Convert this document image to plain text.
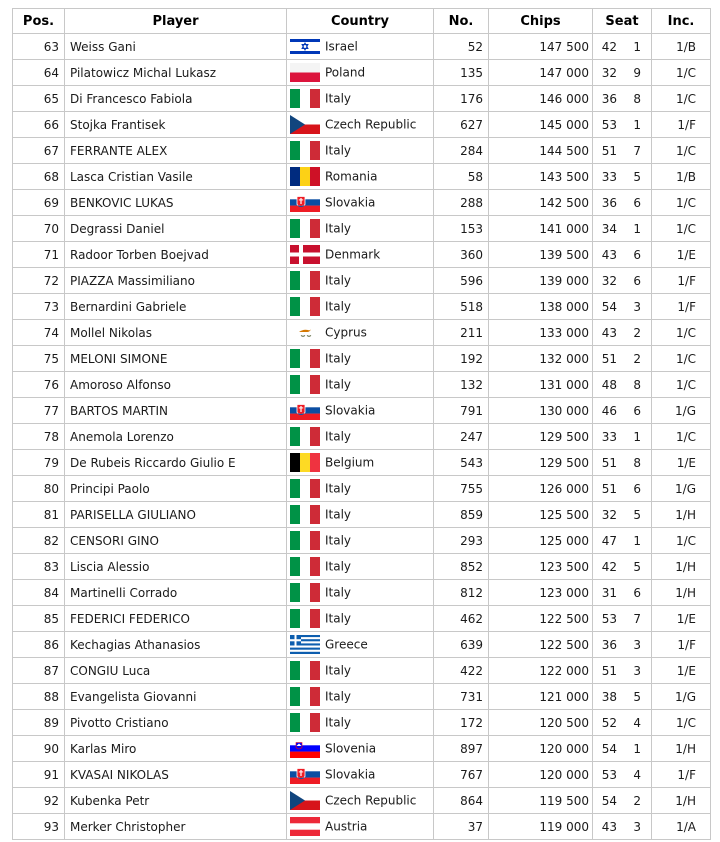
Pos.	Player	Country	No.	Chips	Seat	Inc.
63	Weiss Gani	Israel	52	147 500	42 1	1/B
64	Pilatowicz Michal Lukasz	Poland	135	147 000	32 9	1/C
65	Di Francesco Fabiola	Italy	176	146 000	36 8	1/C
66	Stojka Frantisek	Czech Republic	627	145 000	53 1	1/F
67	FERRANTE ALEX	Italy	284	144 500	51 7	1/C
68	Lasca Cristian Vasile	Romania	58	143 500	33 5	1/B
69	BENKOVIC LUKAS	Slovakia	288	142 500	36 6	1/C
70	Degrassi Daniel	Italy	153	141 000	34 1	1/C
71	Radoor Torben Boejvad	Denmark	360	139 500	43 6	1/E
72	PIAZZA Massimiliano	Italy	596	139 000	32 6	1/F
73	Bernardini Gabriele	Italy	518	138 000	54 3	1/F
74	Mollel Nikolas	Cyprus	211	133 000	43 2	1/C
75	MELONI SIMONE	Italy	192	132 000	51 2	1/C
76	Amoroso Alfonso	Italy	132	131 000	48 8	1/C
77	BARTOS MARTIN	Slovakia	791	130 000	46 6	1/G
78	Anemola Lorenzo	Italy	247	129 500	33 1	1/C
79	De Rubeis Riccardo Giulio E	Belgium	543	129 500	51 8	1/E
80	Principi Paolo	Italy	755	126 000	51 6	1/G
81	PARISELLA GIULIANO	Italy	859	125 500	32 5	1/H
82	CENSORI GINO	Italy	293	125 000	47 1	1/C
83	Liscia Alessio	Italy	852	123 500	42 5	1/H
84	Martinelli Corrado	Italy	812	123 000	31 6	1/H
85	FEDERICI FEDERICO	Italy	462	122 500	53 7	1/E
86	Kechagias Athanasios	Greece	639	122 500	36 3	1/F
87	CONGIU Luca	Italy	422	122 000	51 3	1/E
88	Evangelista Giovanni	Italy	731	121 000	38 5	1/G
89	Pivotto Cristiano	Italy	172	120 500	52 4	1/C
90	Karlas Miro	Slovenia	897	120 000	54 1	1/H
91	KVASAI NIKOLAS	Slovakia	767	120 000	53 4	1/F
92	Kubenka Petr	Czech Republic	864	119 500	54 2	1/H
93	Merker Christopher	Austria	37	119 000	43 3	1/A
